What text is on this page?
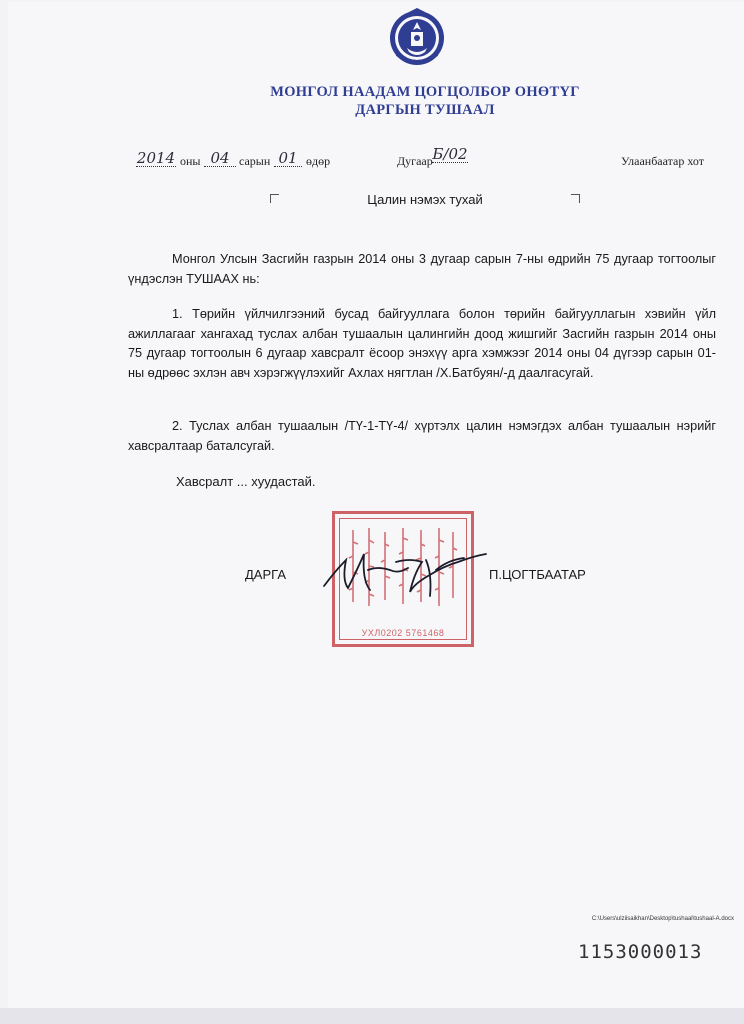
МОНГОЛ НААДАМ ЦОГЦОЛБОР ОНӨТҮГ
ДАРГЫН ТУШААЛ
2014 оны 04 сарын 01 өдөр	Дугаар Б/02	Улаанбаатар хот
Цалин нэмэх тухай
Монгол Улсын Засгийн газрын 2014 оны 3 дугаар сарын 7-ны өдрийн 75 дугаар тогтоолыг үндэслэн ТУШААХ нь:
1. Төрийн үйлчилгээний бусад байгууллага болон төрийн байгууллагын хэвийн үйл ажиллагааг хангахад туслах албан тушаалын цалингийн доод жишгийг Засгийн газрын 2014 оны 75 дугаар тогтоолын 6 дугаар хавсралт ёсоор энэхүү арга хэмжээг 2014 оны 04 дүгээр сарын 01-ны өдрөөс эхлэн авч хэрэгжүүлэхийг Ахлах нягтлан /Х.Батбуян/-д даалгасугай.
2. Туслах албан тушаалын /ТҮ-1-ТҮ-4/ хүртэлх цалин нэмэгдэх албан тушаалын нэрийг хавсралтаар баталсугай.
Хавсралт ... хуудастай.
УХЛ0202 5761468
ДАРГА	П.ЦОГТБААТАР
C:\Users\ulziisaikhan\Desktop\tushaal\tushaal-A.docx
1153000013
